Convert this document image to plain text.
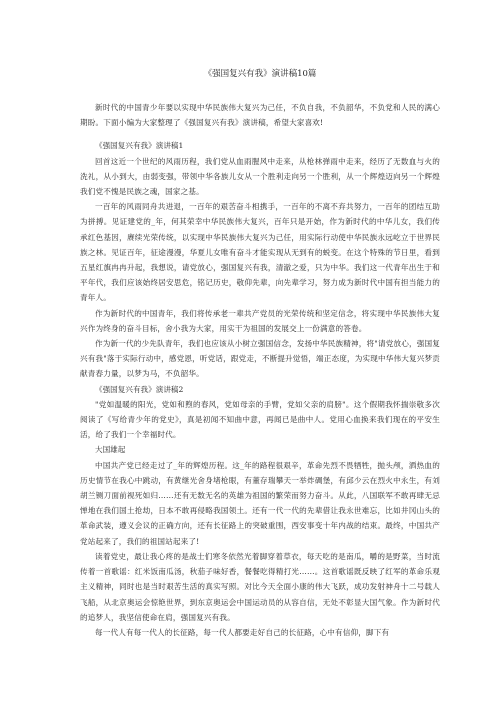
《强国复兴有我》演讲稿10篇

新时代的中国青少年要以实现中华民族伟大复兴为己任，不负自我，不负韶华，不负党和人民的满心期盼。下面小编为大家整理了《强国复兴有我》演讲稿，希望大家喜欢!

《强国复兴有我》演讲稿1

回首这近一个世纪的风雨历程，我们党从血雨腥风中走来，从枪林弹雨中走来，经历了无数血与火的洗礼，从小到大，由弱变强，带领中华各族儿女从一个胜利走向另一个胜利，从一个辉煌迈向另一个辉煌我们党不愧是民族之魂，国家之基。

一百年的风雨同舟共进退，一百年的艰苦奋斗相携手，一百年的不离不弃共努力，一百年的团结互助为拼搏。见证建党的_年，何其荣幸中华民族伟大复兴，百年只是开始，作为新时代的中华儿女，我们传承红色基因，赓续光荣传统，以实现中华民族伟大复兴为己任，用实际行动使中华民族永远屹立于世界民族之林。见证百年，征途漫漫，华夏儿女唯有奋斗才能实现从无到有的蜕变。在这个特殊的节日里，看到五星红旗冉冉升起，我想说，请党放心，强国复兴有我，清澈之爱，只为中华。我们这一代青年出生于和平年代，我们应该始终居安思危，铭记历史，敬仰先辈，向先辈学习，努力成为新时代中国有担当能力的青年人。

作为新时代的中国青年，我们将传承老一辈共产党员的光荣传统和坚定信念，将实现中华民族伟大复兴作为终身的奋斗目标，舍小我为大家，用实干为祖国的发展交上一份满意的答卷。

作为新一代的少先队青年，我们也应该从小树立强国信念，发扬中华民族精神，将"请党放心，强国复兴有我"落于实际行动中，感党恩，听党话，跟党走，不断提升觉悟，端正态度，为实现中华伟大复兴梦贡献青春力量，以梦为马，不负韶华。

《强国复兴有我》演讲稿2

"党如温暖的阳光，党如和煦的春风，党如母亲的手臂，党如父亲的肩膀"。这个假期我怀揣崇敬多次阅读了《写给青少年的党史》，真是初闻不知曲中意，再闻已是曲中人。党用心血换来我们现在的平安生活，给了我们一个幸福时代。

大国雄起

中国共产党已经走过了_年的辉煌历程。这_年的路程很艰辛，革命先烈不畏牺牲，抛头颅，洒热血的历史情节在我心中跳动，有黄继光舍身堵枪眼，有董存瑞攀天一举炸碉堡，有邱少云在烈火中永生，有刘胡兰铡刀面前视死如归……还有无数无名的英雄为祖国的繁荣而努力奋斗。从此，八国联军不敢再肆无忌惮地在我们国土抢劫，日本不敢再侵略我国领土。还有一代一代的先辈借让我永世难忘，比如井冈山头的革命武装，遵义会议的正确方向，还有长征路上的突破重围，西安事变十年内战的结束。最终，中国共产党站起来了，我们的祖国站起来了!

读着党史，最让我心疼的是战士们寒冬依然光着脚穿着草衣，每天吃的是南瓜，嚼的是野菜，当时流传着一首歌谣：红米饭南瓜汤，秋茄子味好香，餐餐吃得精打光……。这首歌谣既反映了红军的革命乐观主义精神，同时也是当时艰苦生活的真实写照。对比今天全面小康的伟大飞跃，成功发射神舟十二号载人飞船，从北京奥运会惊艳世界，到东京奥运会中国运动员的从容自信，无处不彰显大国气象。作为新时代的追梦人，我坚信使命在肩，强国复兴有我。

每一代人有每一代人的长征路，每一代人都要走好自己的长征路，心中有信仰，脚下有
